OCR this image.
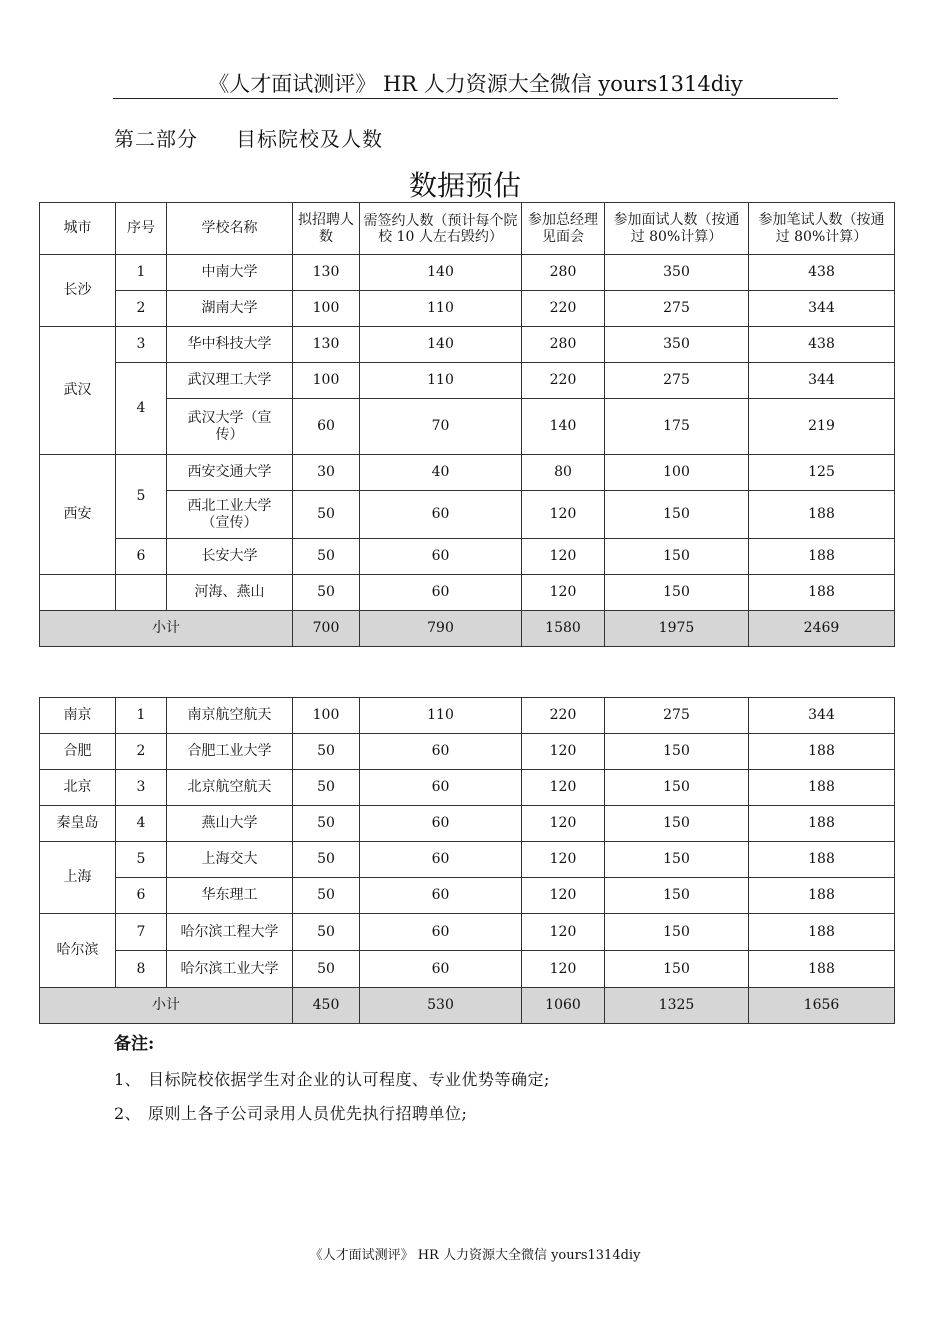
《人才面试测评》 HR 人力资源大全微信 yours1314diy
第二部分 目标院校及人数
数据预估
城市	序号	学校名称	拟招聘人数	需签约人数（预计每个院校 10 人左右毁约）	参加总经理见面会	参加面试人数（按通过 80%计算）	参加笔试人数（按通过 80%计算）
长沙	1	中南大学	130	140	280	350	438
	2	湖南大学	100	110	220	275	344
武汉	3	华中科技大学	130	140	280	350	438
	4	武汉理工大学	100	110	220	275	344
		武汉大学（宣传）	60	70	140	175	219
西安	5	西安交通大学	30	40	80	100	125
		西北工业大学（宣传）	50	60	120	150	188
	6	长安大学	50	60	120	150	188
		河海、燕山	50	60	120	150	188
小计			700	790	1580	1975	2469
南京	1	南京航空航天	100	110	220	275	344
合肥	2	合肥工业大学	50	60	120	150	188
北京	3	北京航空航天	50	60	120	150	188
秦皇岛	4	燕山大学	50	60	120	150	188
上海	5	上海交大	50	60	120	150	188
	6	华东理工	50	60	120	150	188
哈尔滨	7	哈尔滨工程大学	50	60	120	150	188
	8	哈尔滨工业大学	50	60	120	150	188
小计			450	530	1060	1325	1656
备注:
1、 目标院校依据学生对企业的认可程度、专业优势等确定;
2、 原则上各子公司录用人员优先执行招聘单位;
《人才面试测评》 HR 人力资源大全微信 yours1314diy
